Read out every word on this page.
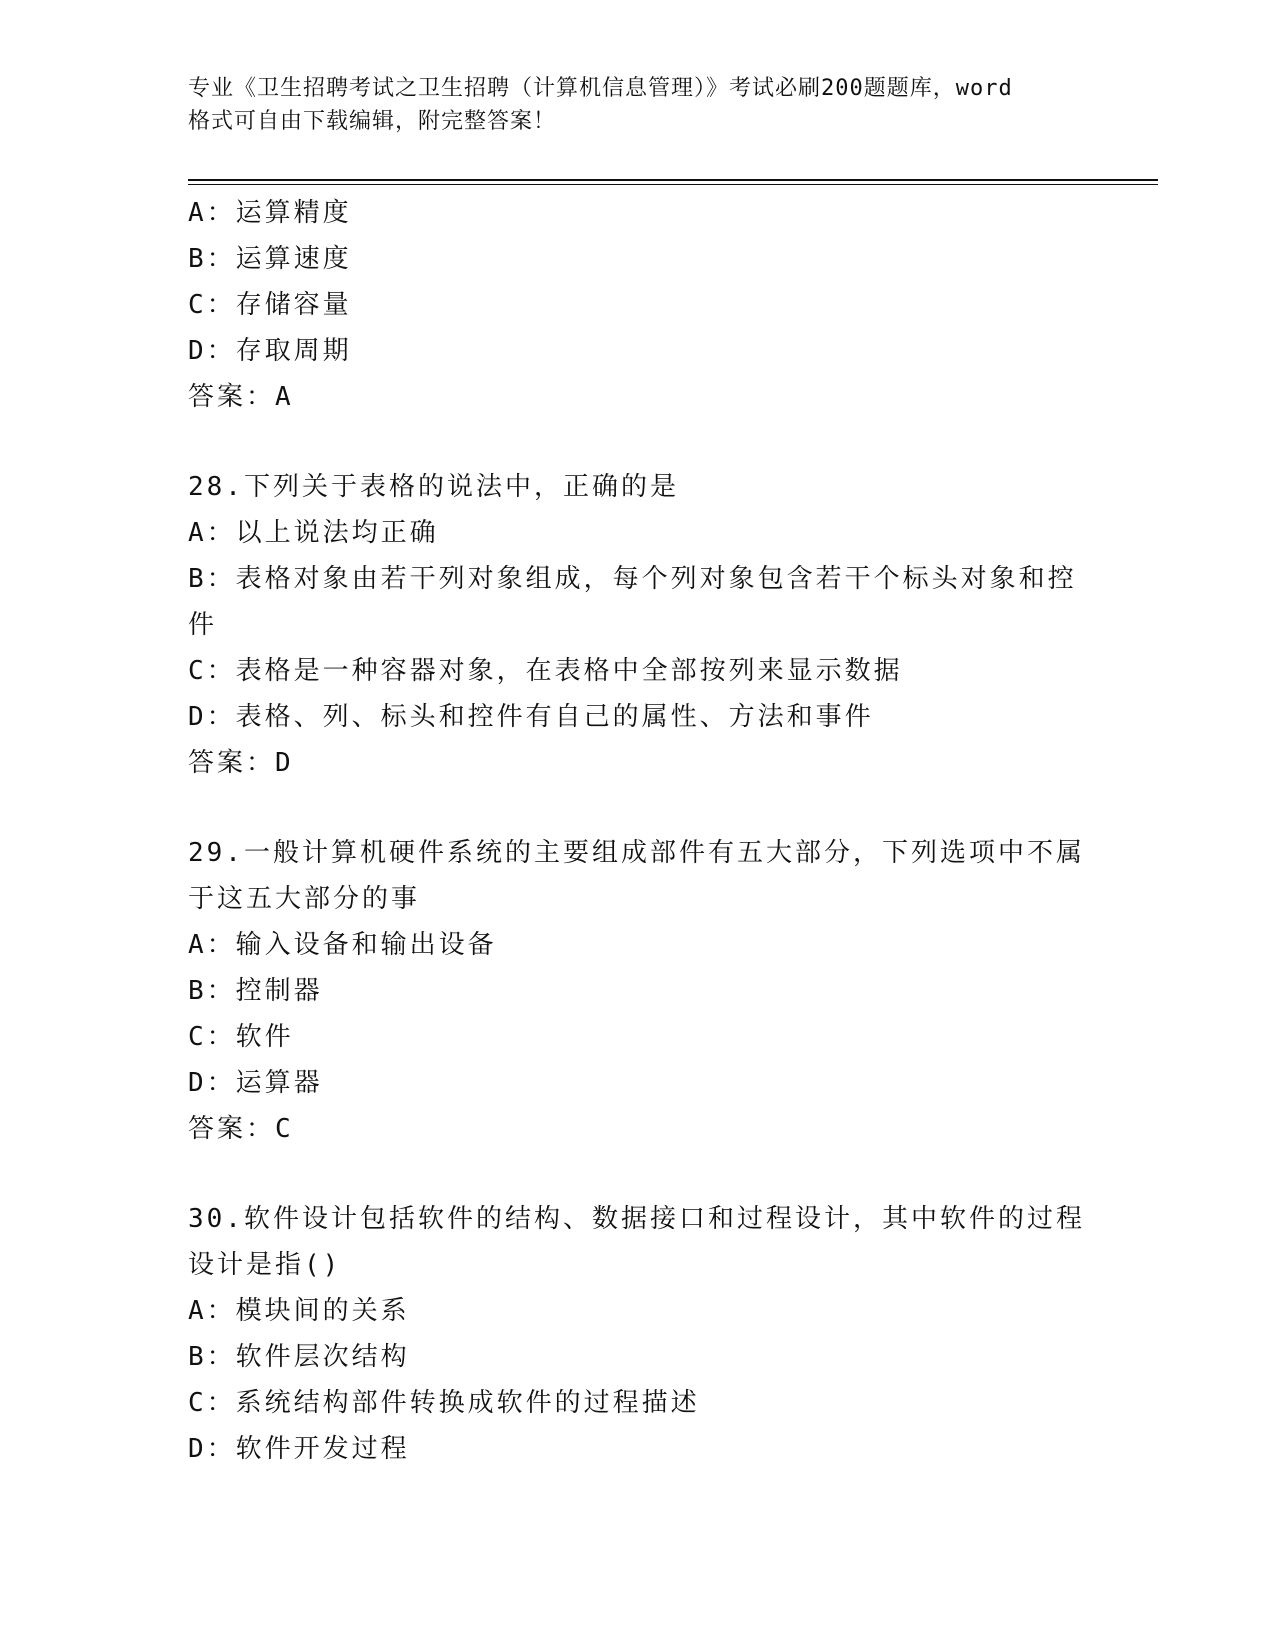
专业《卫生招聘考试之卫生招聘（计算机信息管理）》考试必刷200题题库，word
格式可自由下载编辑，附完整答案！
A：运算精度
B：运算速度
C：存储容量
D：存取周期
答案：A
28.下列关于表格的说法中，正确的是
A：以上说法均正确
B：表格对象由若干列对象组成，每个列对象包含若干个标头对象和控
件
C：表格是一种容器对象，在表格中全部按列来显示数据
D：表格、列、标头和控件有自己的属性、方法和事件
答案：D
29.一般计算机硬件系统的主要组成部件有五大部分，下列选项中不属
于这五大部分的事
A：输入设备和输出设备
B：控制器
C：软件
D：运算器
答案：C
30.软件设计包括软件的结构、数据接口和过程设计，其中软件的过程
设计是指()
A：模块间的关系
B：软件层次结构
C：系统结构部件转换成软件的过程描述
D：软件开发过程
